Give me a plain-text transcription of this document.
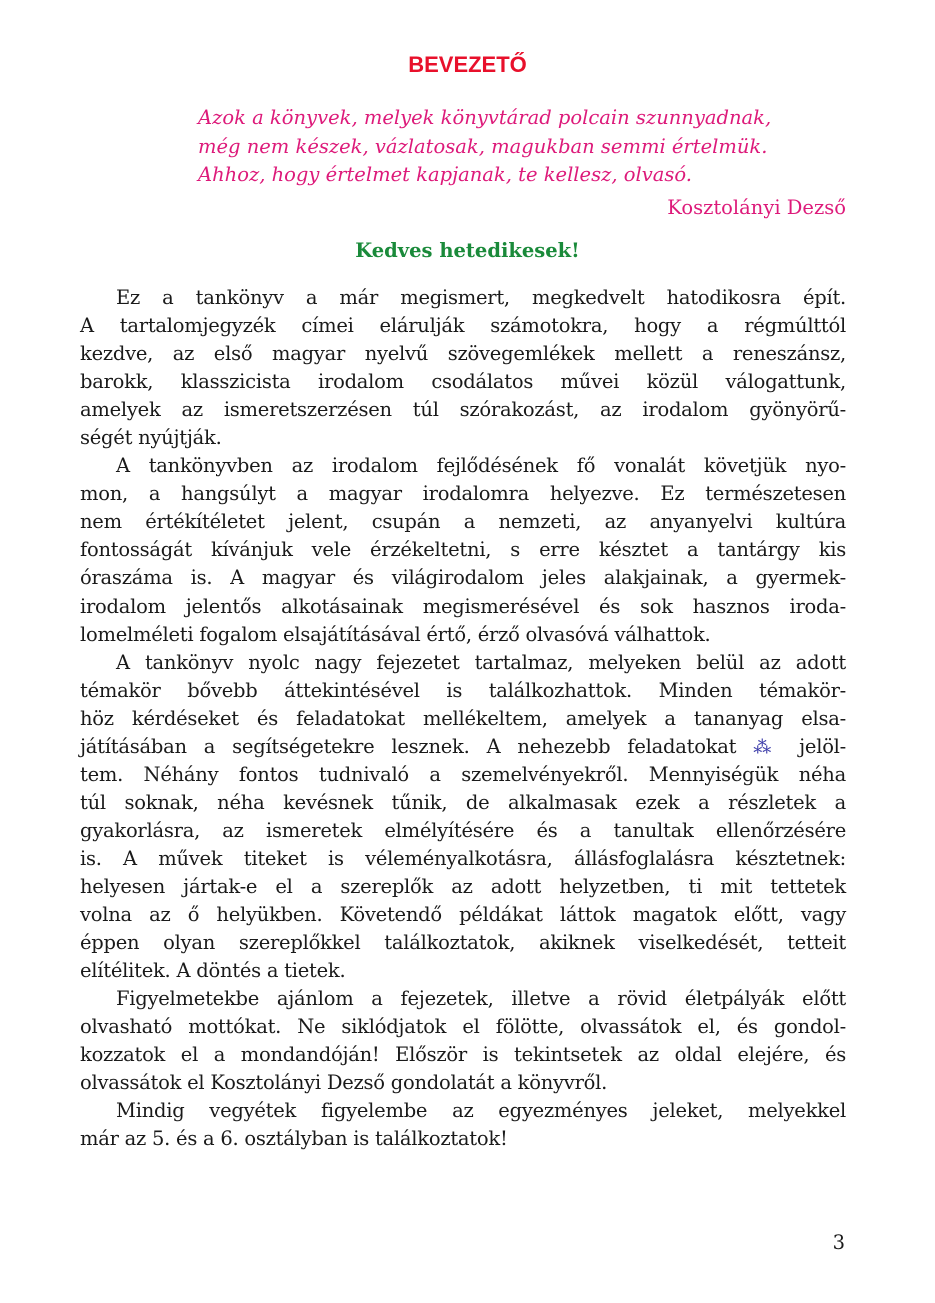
BEVEZETŐ
Azok a könyvek, melyek könyvtárad polcain szunnyadnak,
még nem készek, vázlatosak, magukban semmi értelmük.
Ahhoz, hogy értelmet kapjanak, te kellesz, olvasó.
Kosztolányi Dezső
Kedves hetedikesek!
Ez a tankönyv a már megismert, megkedvelt hatodikosra épít.
A tartalomjegyzék címei elárulják számotokra, hogy a régmúlttól
kezdve, az első magyar nyelvű szövegemlékek mellett a reneszánsz,
barokk, klasszicista irodalom csodálatos művei közül válogattunk,
amelyek az ismeretszerzésen túl szórakozást, az irodalom gyönyörű-
ségét nyújtják.
A tankönyvben az irodalom fejlődésének fő vonalát követjük nyo-
mon, a hangsúlyt a magyar irodalomra helyezve. Ez természetesen
nem értékítéletet jelent, csupán a nemzeti, az anyanyelvi kultúra
fontosságát kívánjuk vele érzékeltetni, s erre késztet a tantárgy kis
óraszáma is. A magyar és világirodalom jeles alakjainak, a gyermek-
irodalom jelentős alkotásainak megismerésével és sok hasznos iroda-
lomelméleti fogalom elsajátításával értő, érző olvasóvá válhattok.
A tankönyv nyolc nagy fejezetet tartalmaz, melyeken belül az adott
témakör bővebb áttekintésével is találkozhattok. Minden témakör-
höz kérdéseket és feladatokat mellékeltem, amelyek a tananyag elsa-
játításában a segítségetekre lesznek. A nehezebb feladatokat ⁂ jelöl-
tem. Néhány fontos tudnivaló a szemelvényekről. Mennyiségük néha
túl soknak, néha kevésnek tűnik, de alkalmasak ezek a részletek a
gyakorlásra, az ismeretek elmélyítésére és a tanultak ellenőrzésére
is. A művek titeket is véleményalkotásra, állásfoglalásra késztetnek:
helyesen jártak-e el a szereplők az adott helyzetben, ti mit tettetek
volna az ő helyükben. Követendő példákat láttok magatok előtt, vagy
éppen olyan szereplőkkel találkoztatok, akiknek viselkedését, tetteit
elítélitek. A döntés a tietek.
Figyelmetekbe ajánlom a fejezetek, illetve a rövid életpályák előtt
olvasható mottókat. Ne siklódjatok el fölötte, olvassátok el, és gondol-
kozzatok el a mondandóján! Először is tekintsetek az oldal elejére, és
olvassátok el Kosztolányi Dezső gondolatát a könyvről.
Mindig vegyétek figyelembe az egyezményes jeleket, melyekkel
már az 5. és a 6. osztályban is találkoztatok!
3
